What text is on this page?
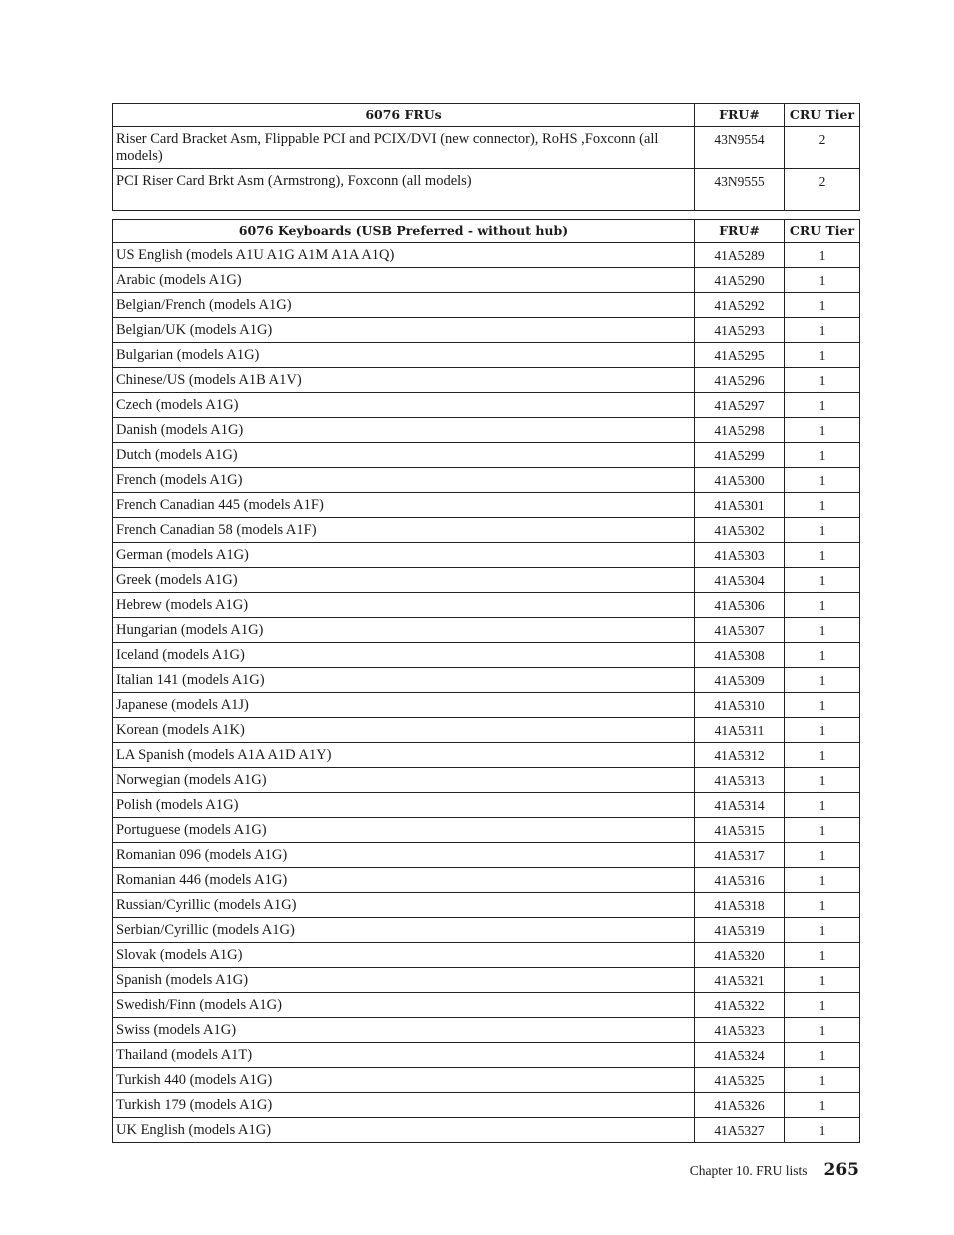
6076 FRUs	FRU#	CRU Tier
Riser Card Bracket Asm, Flippable PCI and PCIX/DVI (new connector), RoHS ,Foxconn (all models)	43N9554	2
PCI Riser Card Brkt Asm (Armstrong), Foxconn (all models)	43N9555	2
6076 Keyboards (USB Preferred - without hub)	FRU#	CRU Tier
US English (models A1U A1G A1M A1A A1Q)	41A5289	1
Arabic (models A1G)	41A5290	1
Belgian/French (models A1G)	41A5292	1
Belgian/UK (models A1G)	41A5293	1
Bulgarian (models A1G)	41A5295	1
Chinese/US (models A1B A1V)	41A5296	1
Czech (models A1G)	41A5297	1
Danish (models A1G)	41A5298	1
Dutch (models A1G)	41A5299	1
French (models A1G)	41A5300	1
French Canadian 445 (models A1F)	41A5301	1
French Canadian 58 (models A1F)	41A5302	1
German (models A1G)	41A5303	1
Greek (models A1G)	41A5304	1
Hebrew (models A1G)	41A5306	1
Hungarian (models A1G)	41A5307	1
Iceland (models A1G)	41A5308	1
Italian 141 (models A1G)	41A5309	1
Japanese (models A1J)	41A5310	1
Korean (models A1K)	41A5311	1
LA Spanish (models A1A A1D A1Y)	41A5312	1
Norwegian (models A1G)	41A5313	1
Polish (models A1G)	41A5314	1
Portuguese (models A1G)	41A5315	1
Romanian 096 (models A1G)	41A5317	1
Romanian 446 (models A1G)	41A5316	1
Russian/Cyrillic (models A1G)	41A5318	1
Serbian/Cyrillic (models A1G)	41A5319	1
Slovak (models A1G)	41A5320	1
Spanish (models A1G)	41A5321	1
Swedish/Finn (models A1G)	41A5322	1
Swiss (models A1G)	41A5323	1
Thailand (models A1T)	41A5324	1
Turkish 440 (models A1G)	41A5325	1
Turkish 179 (models A1G)	41A5326	1
UK English (models A1G)	41A5327	1
Chapter 10. FRU lists 265
